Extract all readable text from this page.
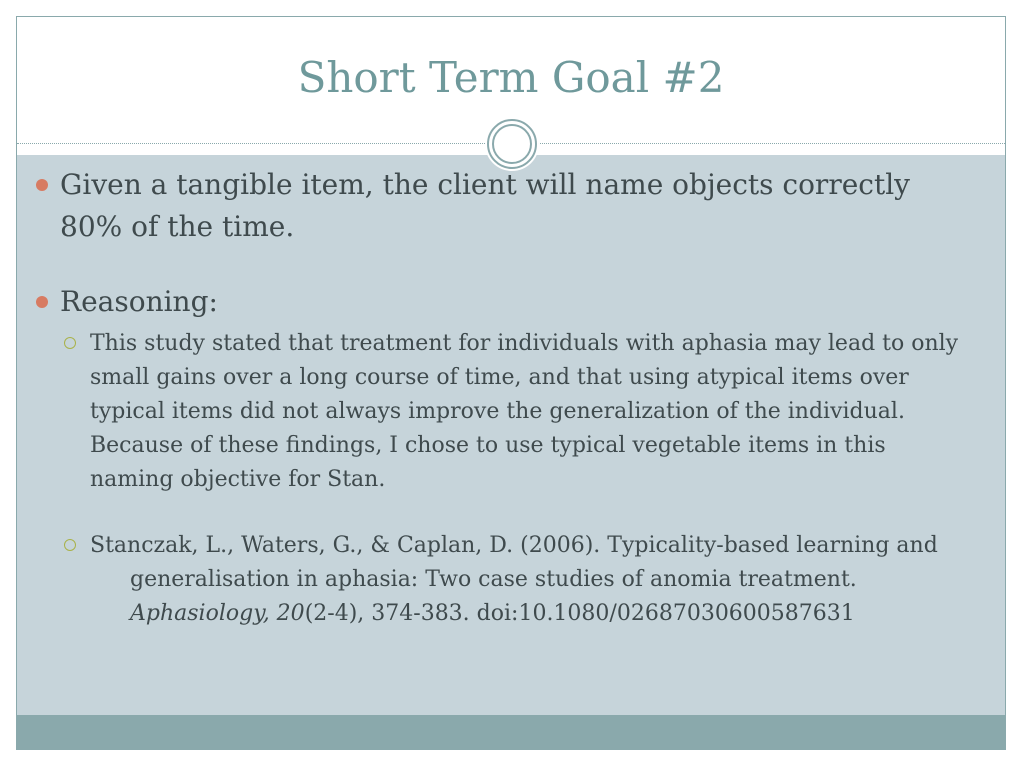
Short Term Goal #2
Given a tangible item, the client will name objects correctly 80% of the time.
Reasoning:
This study stated that treatment for individuals with aphasia may lead to only small gains over a long course of time, and that using atypical items over typical items did not always improve the generalization of the individual. Because of these findings, I chose to use typical vegetable items in this naming objective for Stan.
Stanczak, L., Waters, G., & Caplan, D. (2006). Typicality-based learning and generalisation in aphasia: Two case studies of anomia treatment. Aphasiology, 20(2-4), 374-383. doi:10.1080/02687030600587631
